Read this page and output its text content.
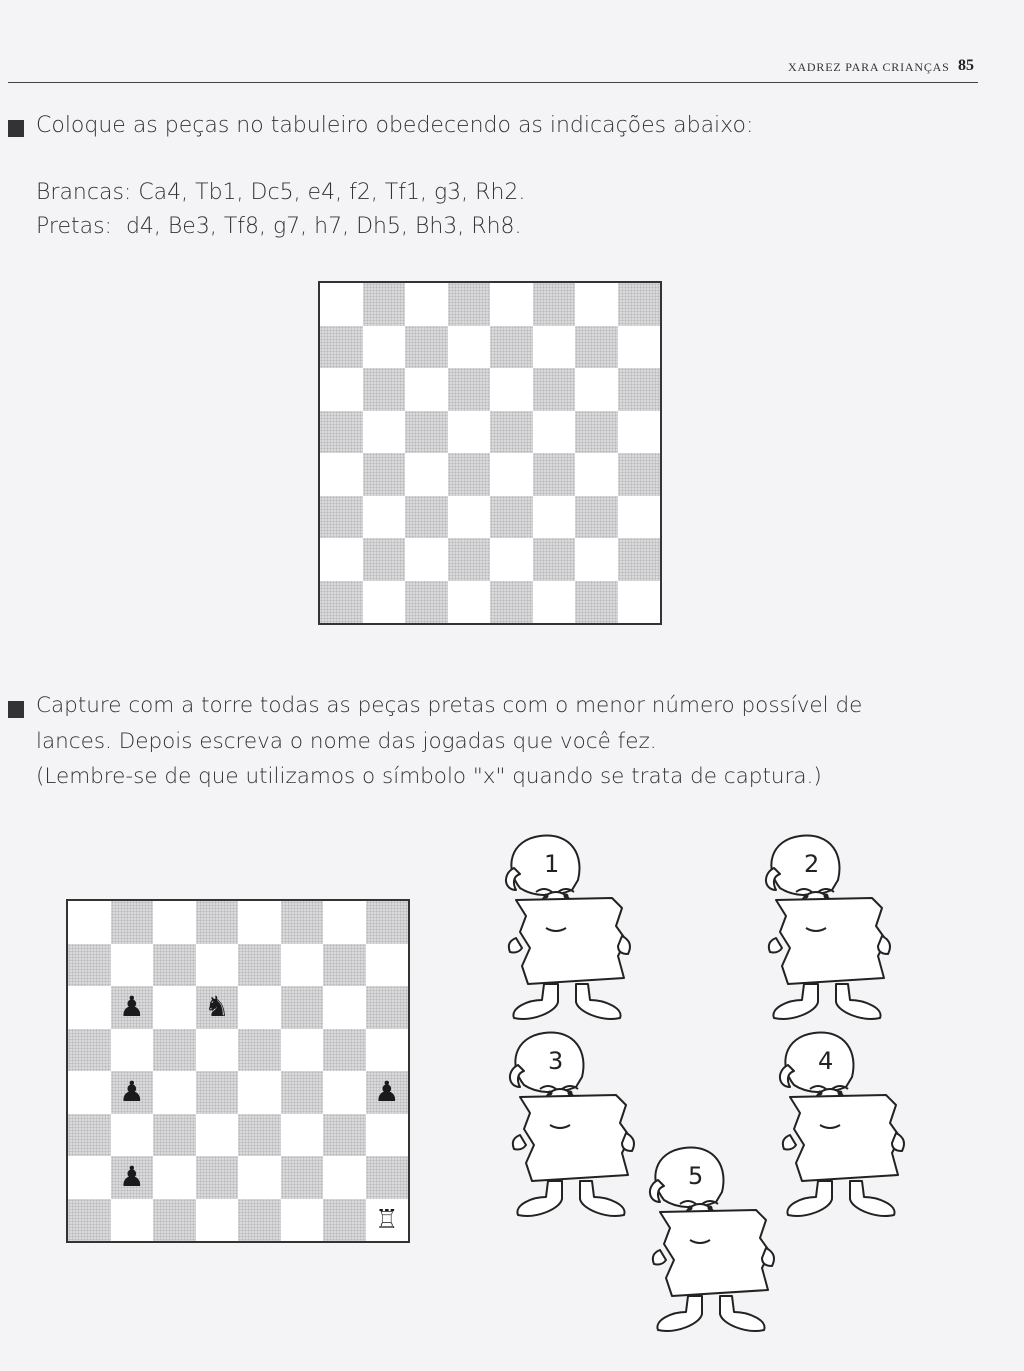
XADREZ PARA CRIANÇAS 85
Coloque as peças no tabuleiro obedecendo as indicações abaixo:
Brancas: Ca4, Tb1, Dc5, e4, f2, Tf1, g3, Rh2.
Pretas:  d4, Be3, Tf8, g7, h7, Dh5, Bh3, Rh8.
Capture com a torre todas as peças pretas com o menor número possível de
lances. Depois escreva o nome das jogadas que você fez.
(Lembre-se de que utilizamos o símbolo "x" quando se trata de captura.)
♟	♞
♟	♟
♟
♖
1	2
3	4
5
